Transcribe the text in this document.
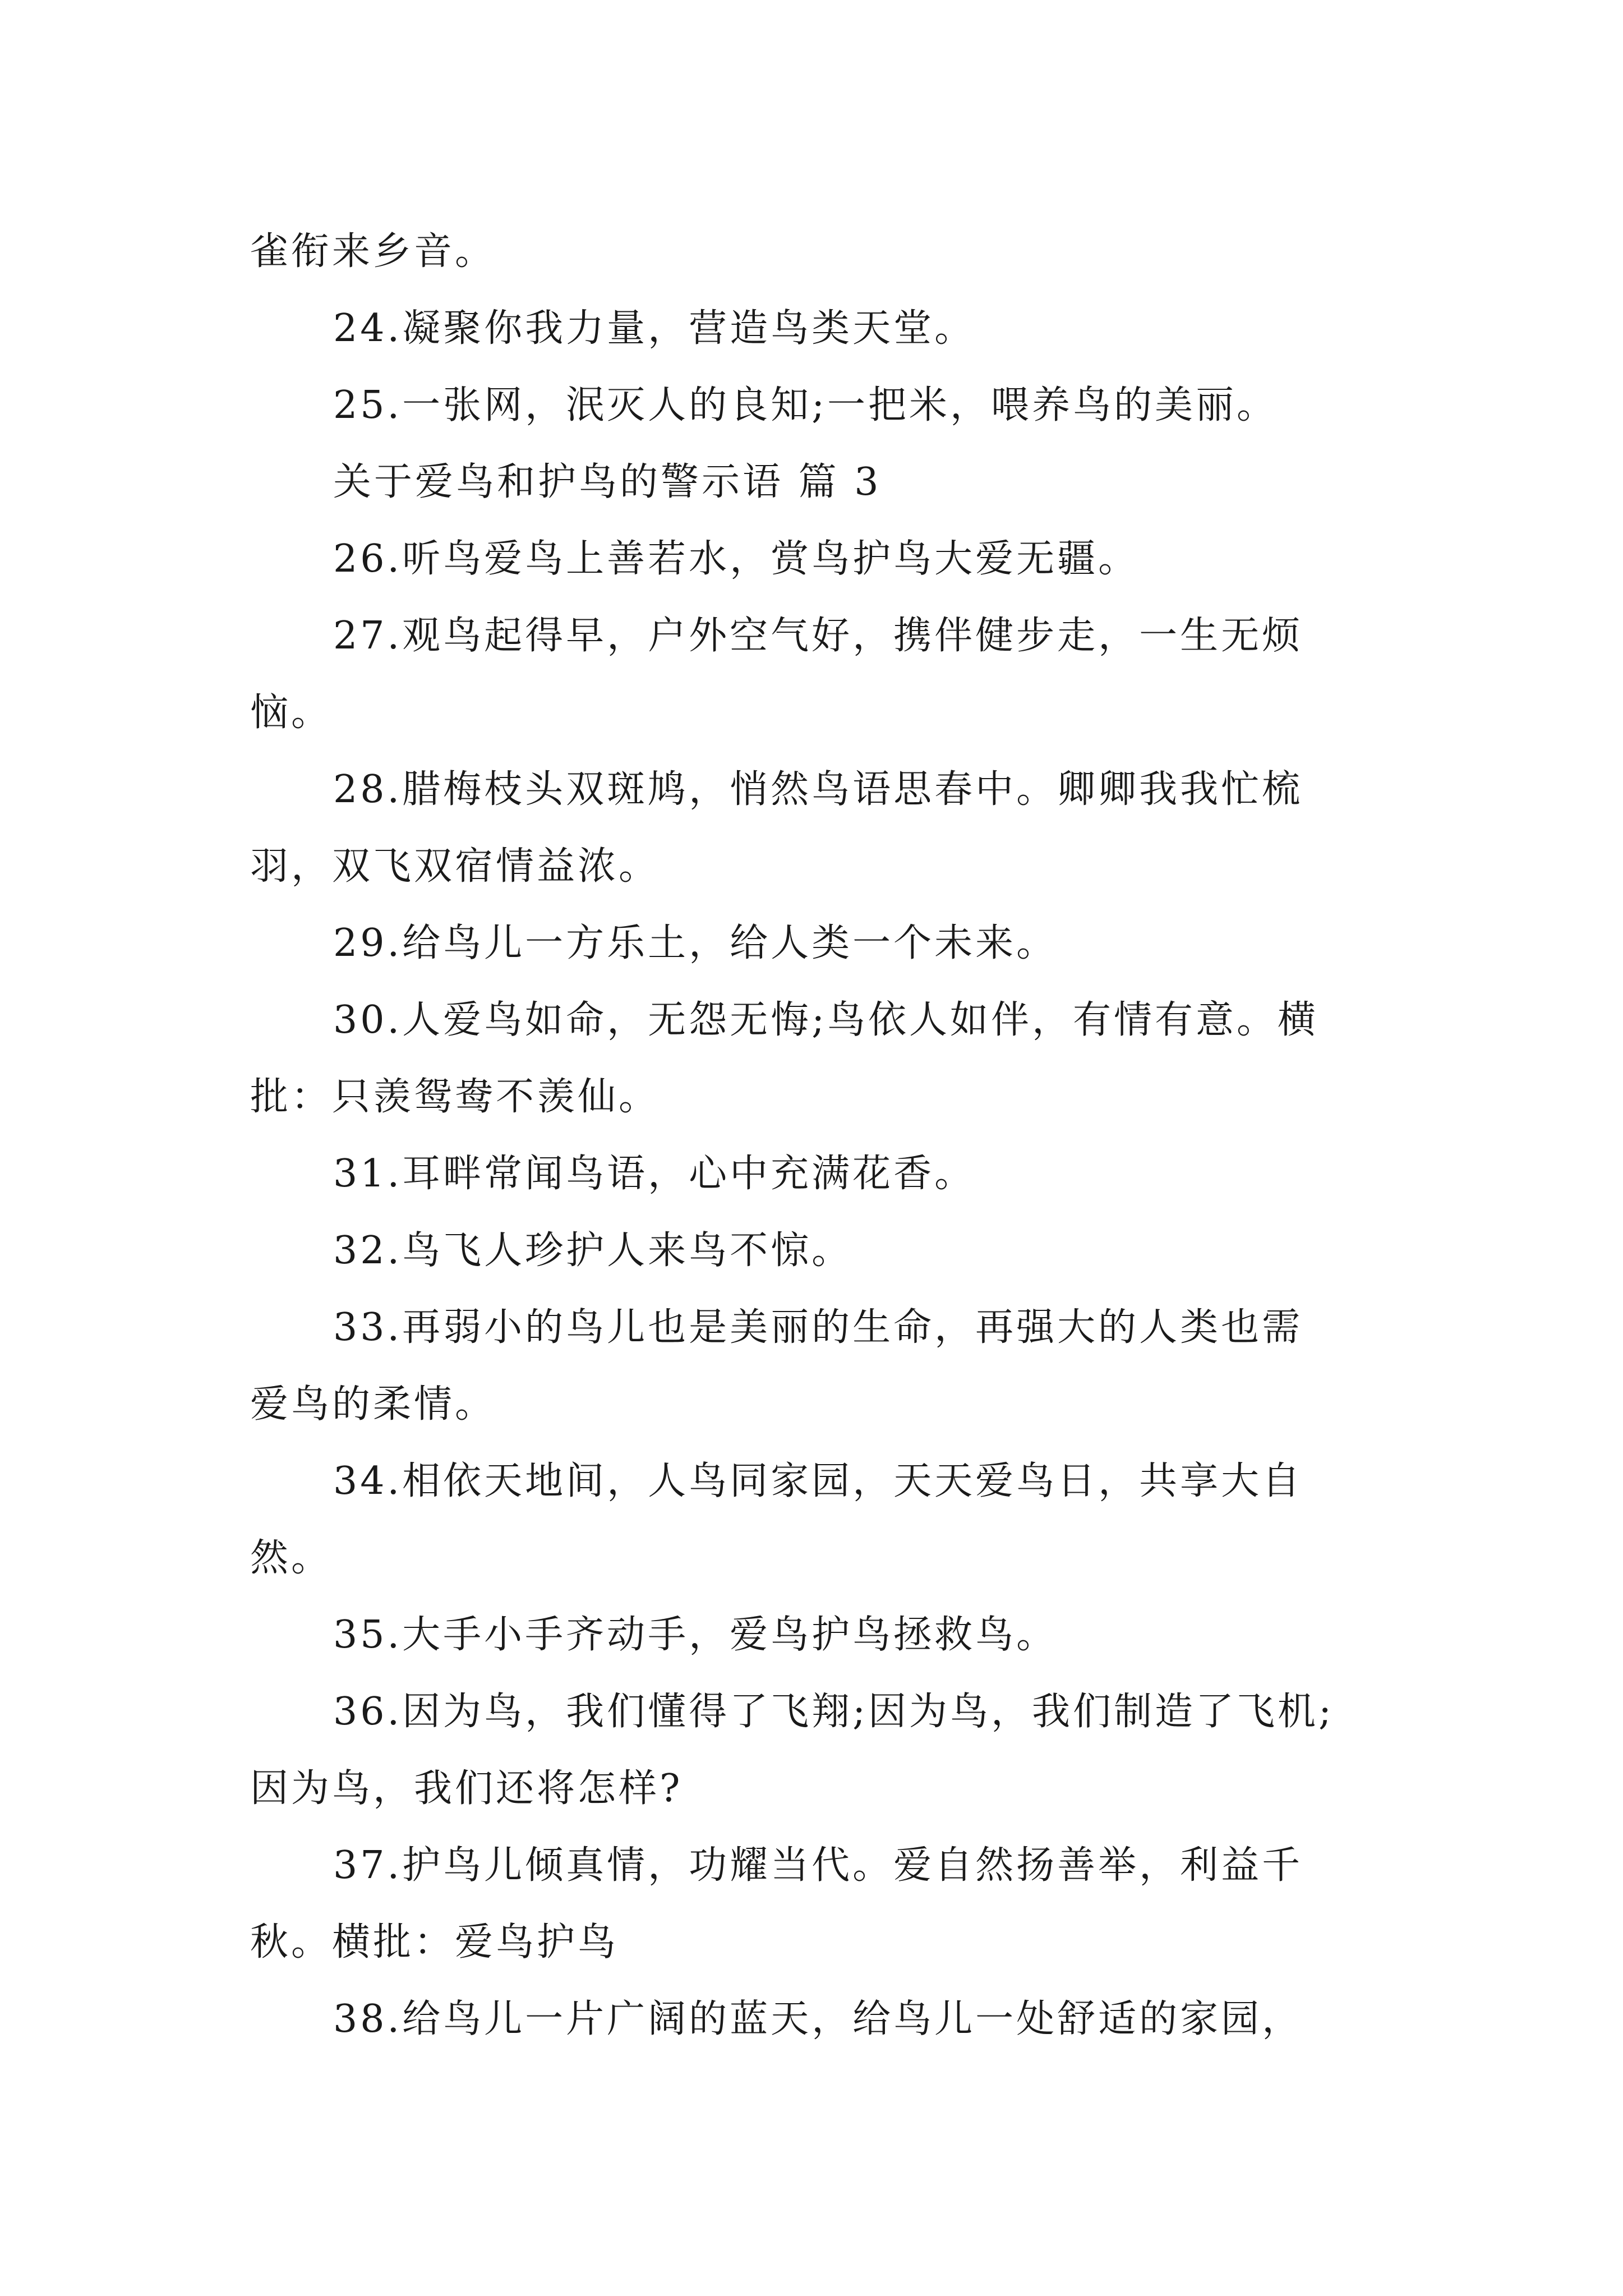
雀衔来乡音。
24.凝聚你我力量，营造鸟类天堂。
25.一张网，泯灭人的良知;一把米，喂养鸟的美丽。
关于爱鸟和护鸟的警示语 篇 3
26.听鸟爱鸟上善若水，赏鸟护鸟大爱无疆。
27.观鸟起得早，户外空气好，携伴健步走，一生无烦
恼。
28.腊梅枝头双斑鸠，悄然鸟语思春中。卿卿我我忙梳
羽，双飞双宿情益浓。
29.给鸟儿一方乐土，给人类一个未来。
30.人爱鸟如命，无怨无悔;鸟依人如伴，有情有意。横
批：只羡鸳鸯不羡仙。
31.耳畔常闻鸟语，心中充满花香。
32.鸟飞人珍护人来鸟不惊。
33.再弱小的鸟儿也是美丽的生命，再强大的人类也需
爱鸟的柔情。
34.相依天地间，人鸟同家园，天天爱鸟日，共享大自
然。
35.大手小手齐动手，爱鸟护鸟拯救鸟。
36.因为鸟，我们懂得了飞翔;因为鸟，我们制造了飞机;
因为鸟，我们还将怎样?
37.护鸟儿倾真情，功耀当代。爱自然扬善举，利益千
秋。横批：爱鸟护鸟
38.给鸟儿一片广阔的蓝天，给鸟儿一处舒适的家园，
